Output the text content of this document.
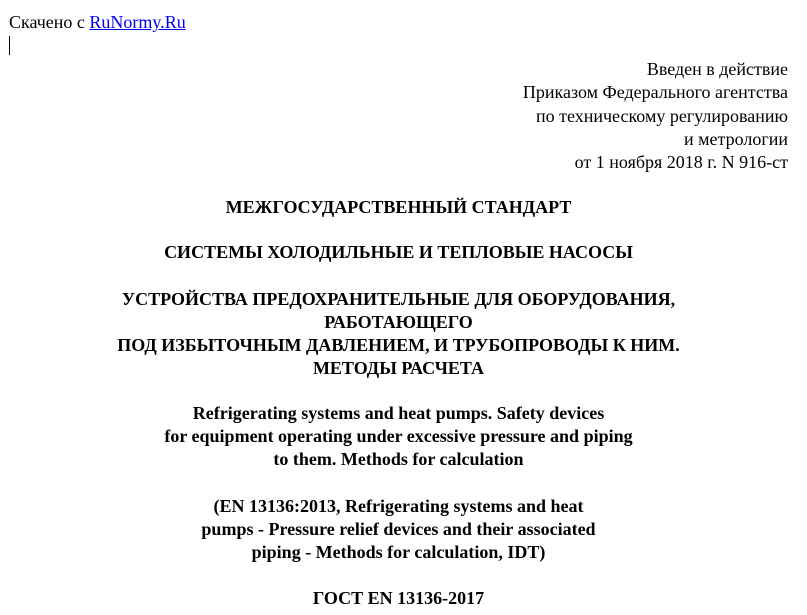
Скачено с RuNormy.Ru
Введен в действие
Приказом Федерального агентства
по техническому регулированию
и метрологии
от 1 ноября 2018 г. N 916-ст
МЕЖГОСУДАРСТВЕННЫЙ СТАНДАРТ
СИСТЕМЫ ХОЛОДИЛЬНЫЕ И ТЕПЛОВЫЕ НАСОСЫ
УСТРОЙСТВА ПРЕДОХРАНИТЕЛЬНЫЕ ДЛЯ ОБОРУДОВАНИЯ,
РАБОТАЮЩЕГО
ПОД ИЗБЫТОЧНЫМ ДАВЛЕНИЕМ, И ТРУБОПРОВОДЫ К НИМ.
МЕТОДЫ РАСЧЕТА
Refrigerating systems and heat pumps. Safety devices
for equipment operating under excessive pressure and piping
to them. Methods for calculation
(EN 13136:2013, Refrigerating systems and heat
pumps - Pressure relief devices and their associated
piping - Methods for calculation, IDT)
ГОСТ EN 13136-2017
